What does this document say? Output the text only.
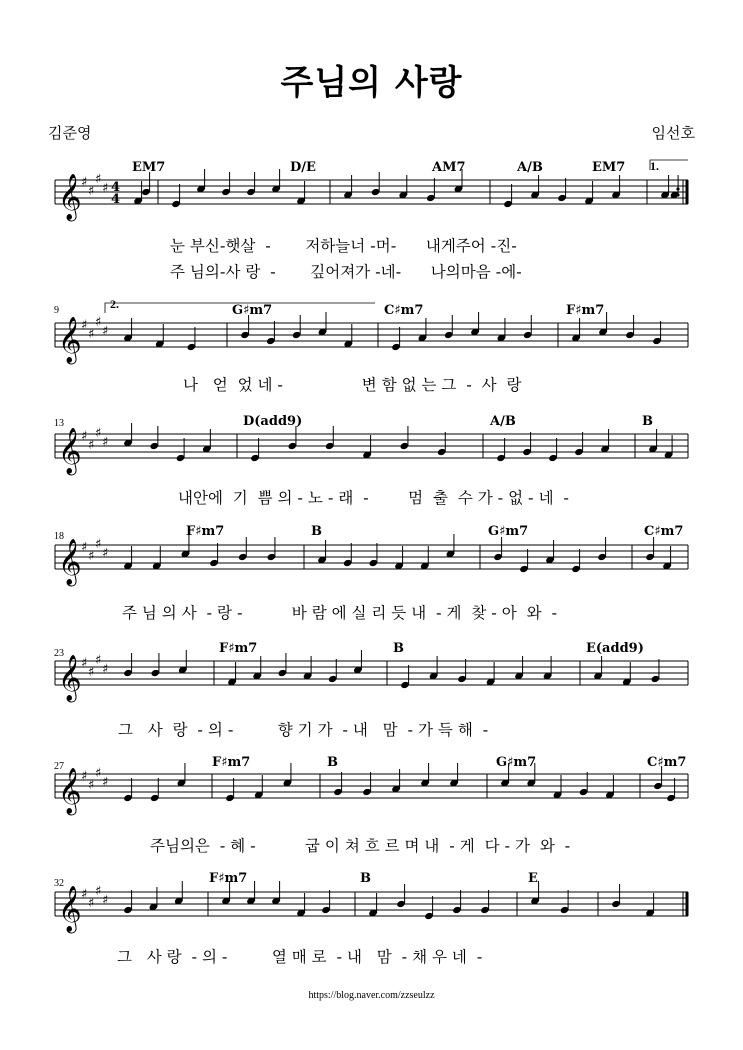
주님의 사랑
김준영	임선호
𝄞 ♯
♯
♯
♯ 4
4
1.
EM7	D/E	AM7	A/B	EM7
눈 부신-햇살  -       저하늘너 -머-      내게주어 -진-
주 님의-사 랑  -       깊어져가 -네-      나의마음 -에-
𝄞 ♯
♯
♯
♯
9	2.	G♯m7	C♯m7	F♯m7
나   얻  었 네 -                변 함 없 는 그  -  사  랑
𝄞 ♯
♯
♯
♯
13	D(add9)	A/B	B
내안에  기  쁨 의 - 노 - 래  -        멈  출  수 가 - 없 - 네  -
𝄞 ♯
♯
♯
♯
18	F♯m7	B	G♯m7	C♯m7
주 님 의 사  - 랑 -          바 람 에 실 리 듯 내  - 게  찾 - 아  와  -
𝄞 ♯
♯
♯
♯
23	F♯m7	B	E(add9)
그   사  랑  - 의 -         향 기 가  - 내   맘  - 가 득 해  -
𝄞 ♯
♯
♯
♯
27	F♯m7	B	G♯m7	C♯m7
주님의은  - 혜 -          굽 이 쳐 흐 르 며 내  - 게  다 - 가  와  -
𝄞 ♯
♯
♯
♯
32	F♯m7	B	E
그   사 랑  - 의 -         열 매 로  - 내   맘  - 채 우 네  -
https://blog.naver.com/zzseulzz
